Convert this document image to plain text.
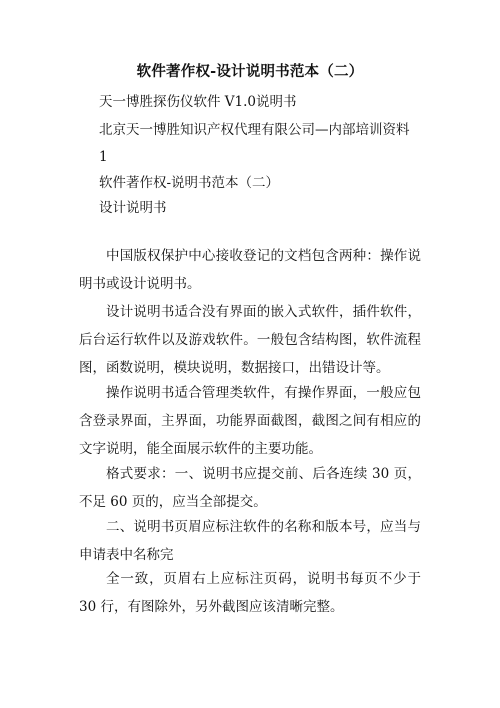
软件著作权-设计说明书范本（二）
天一博胜探伤仪软件 V1.0 说明书
北京天一博胜知识产权代理有限公司—内部培训资料
1
软件著作权-说明书范本（二）
设计说明书
中国版权保护中心接收登记的文档包含两种：操作说明书或设计说明书。
设计说明书适合没有界面的嵌入式软件，插件软件，后台运行软件以及游戏软件。一般包含结构图，软件流程图，函数说明，模块说明，数据接口，出错设计等。
操作说明书适合管理类软件，有操作界面，一般应包含登录界面，主界面，功能界面截图，截图之间有相应的文字说明，能全面展示软件的主要功能。
格式要求：一、说明书应提交前、后各连续 30 页，不足 60 页的，应当全部提交。
二、说明书页眉应标注软件的名称和版本号，应当与申请表中名称完
全一致，页眉右上应标注页码，说明书每页不少于 30 行，有图除外，另外截图应该清晰完整。
